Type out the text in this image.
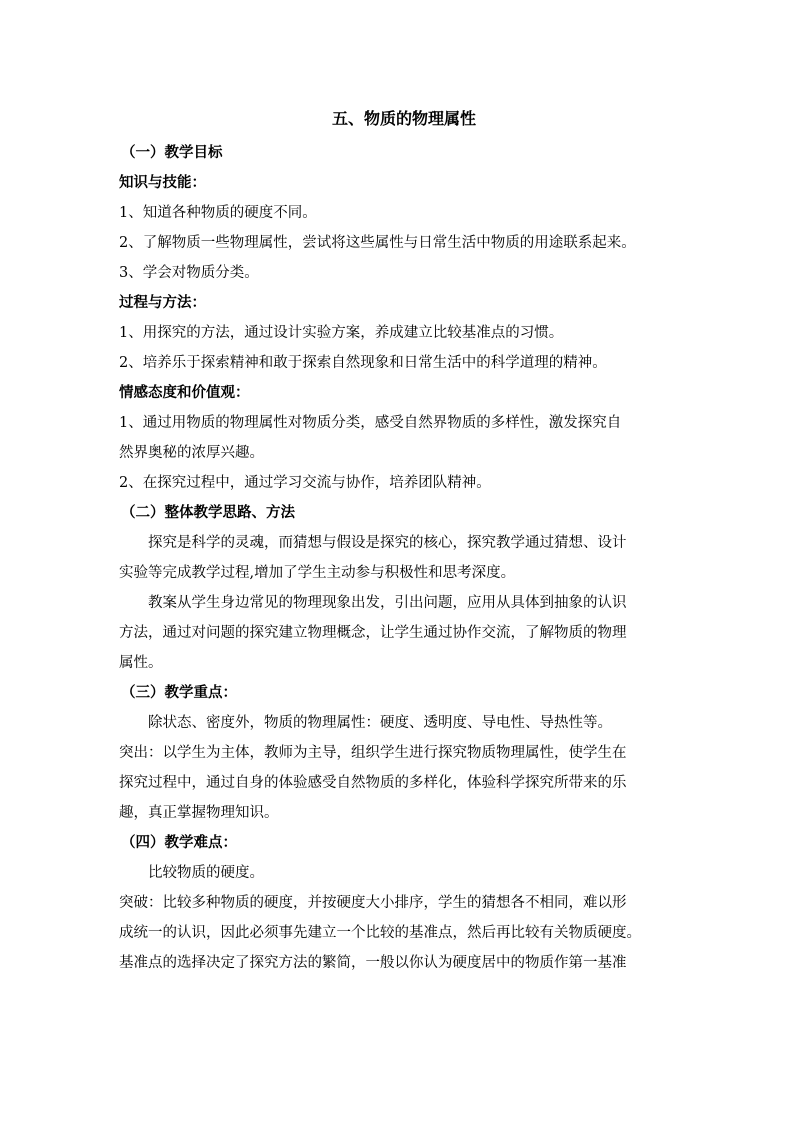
五、物质的物理属性

（一）教学目标

知识与技能：

1、知道各种物质的硬度不同。

2、了解物质一些物理属性，尝试将这些属性与日常生活中物质的用途联系起来。

3、学会对物质分类。

过程与方法：

1、用探究的方法，通过设计实验方案，养成建立比较基准点的习惯。

2、培养乐于探索精神和敢于探索自然现象和日常生活中的科学道理的精神。

情感态度和价值观：

1、通过用物质的物理属性对物质分类，感受自然界物质的多样性，激发探究自

然界奥秘的浓厚兴趣。

2、在探究过程中，通过学习交流与协作，培养团队精神。

（二）整体教学思路、方法

探究是科学的灵魂，而猜想与假设是探究的核心，探究教学通过猜想、设计

实验等完成教学过程,增加了学生主动参与积极性和思考深度。

教案从学生身边常见的物理现象出发，引出问题，应用从具体到抽象的认识

方法，通过对问题的探究建立物理概念，让学生通过协作交流，了解物质的物理

属性。

（三）教学重点：

除状态、密度外，物质的物理属性：硬度、透明度、导电性、导热性等。

突出：以学生为主体，教师为主导，组织学生进行探究物质物理属性，使学生在

探究过程中，通过自身的体验感受自然物质的多样化，体验科学探究所带来的乐

趣，真正掌握物理知识。

（四）教学难点：

比较物质的硬度。

突破：比较多种物质的硬度，并按硬度大小排序，学生的猜想各不相同，难以形

成统一的认识，因此必须事先建立一个比较的基准点，然后再比较有关物质硬度。

基准点的选择决定了探究方法的繁简，一般以你认为硬度居中的物质作第一基准
